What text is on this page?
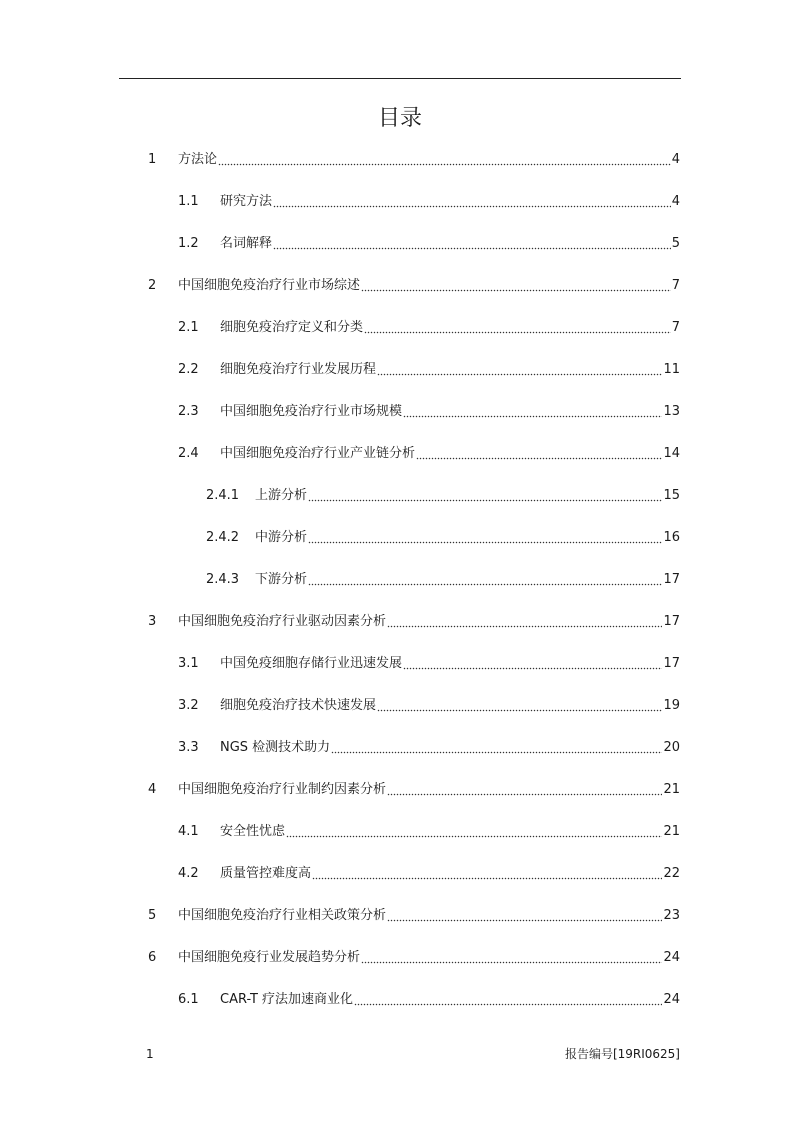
目录
1	方法论	4
1.1	研究方法	4
1.2	名词解释	5
2	中国细胞免疫治疗行业市场综述	7
2.1	细胞免疫治疗定义和分类	7
2.2	细胞免疫治疗行业发展历程	11
2.3	中国细胞免疫治疗行业市场规模	13
2.4	中国细胞免疫治疗行业产业链分析	14
2.4.1	上游分析	15
2.4.2	中游分析	16
2.4.3	下游分析	17
3	中国细胞免疫治疗行业驱动因素分析	17
3.1	中国免疫细胞存储行业迅速发展	17
3.2	细胞免疫治疗技术快速发展	19
3.3	NGS 检测技术助力	20
4	中国细胞免疫治疗行业制约因素分析	21
4.1	安全性忧虑	21
4.2	质量管控难度高	22
5	中国细胞免疫治疗行业相关政策分析	23
6	中国细胞免疫行业发展趋势分析	24
6.1	CAR-T 疗法加速商业化	24
1	报告编号[19RI0625]
